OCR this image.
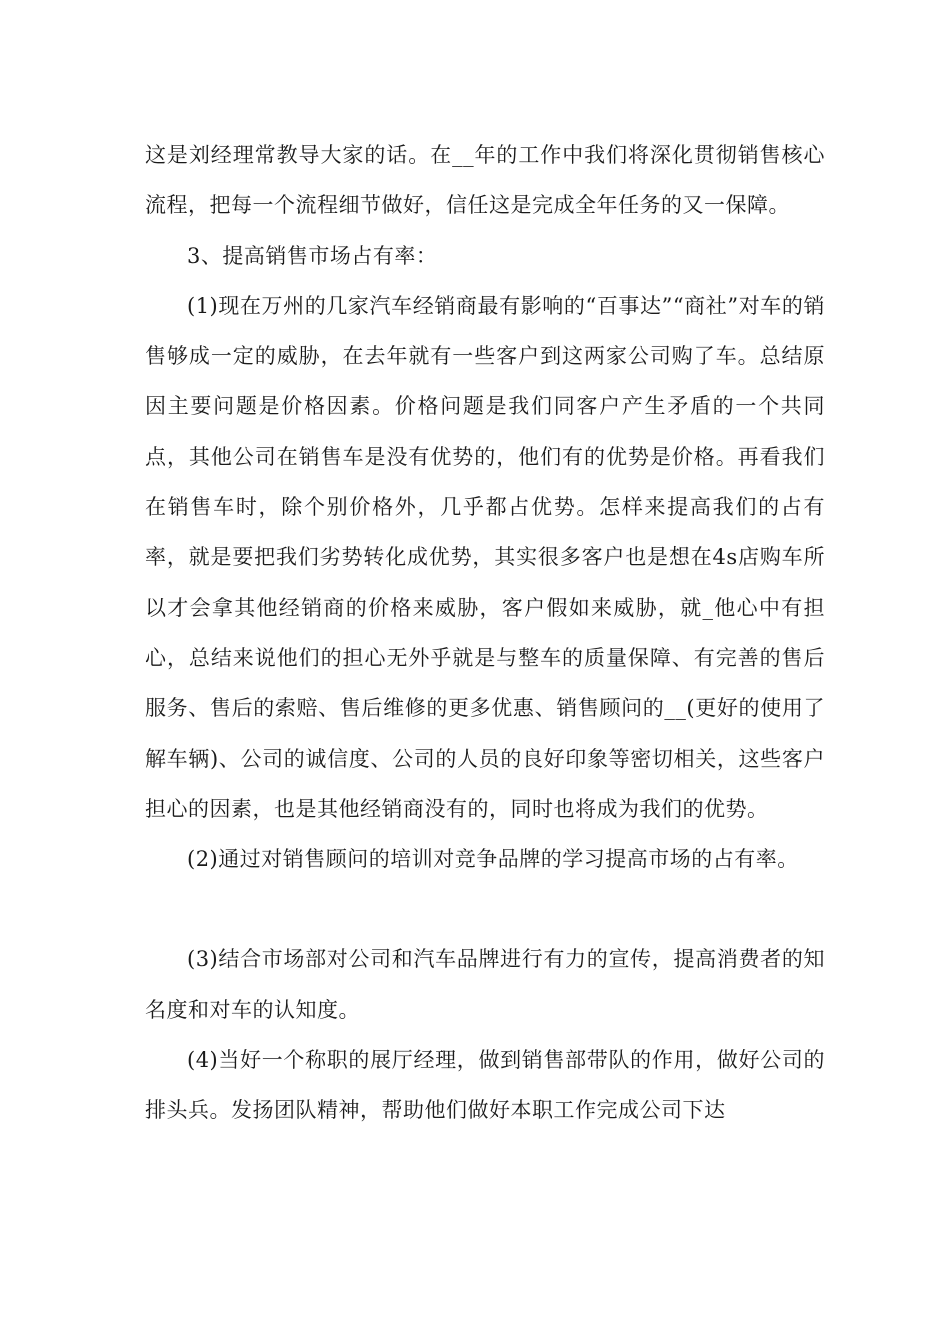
这是刘经理常教导大家的话。在__年的工作中我们将深化贯彻销售核心流程，把每一个流程细节做好，信任这是完成全年任务的又一保障。

3、提高销售市场占有率：

(1)现在万州的几家汽车经销商最有影响的“百事达”“商社”对车的销售够成一定的威胁，在去年就有一些客户到这两家公司购了车。总结原因主要问题是价格因素。价格问题是我们同客户产生矛盾的一个共同点，其他公司在销售车是没有优势的，他们有的优势是价格。再看我们在销售车时，除个别价格外，几乎都占优势。怎样来提高我们的占有率，就是要把我们劣势转化成优势，其实很多客户也是想在4s店购车所以才会拿其他经销商的价格来威胁，客户假如来威胁，就_他心中有担心，总结来说他们的担心无外乎就是与整车的质量保障、有完善的售后服务、售后的索赔、售后维修的更多优惠、销售顾问的__(更好的使用了解车辆)、公司的诚信度、公司的人员的良好印象等密切相关，这些客户担心的因素，也是其他经销商没有的，同时也将成为我们的优势。

(2)通过对销售顾问的培训对竞争品牌的学习提高市场的占有率。

(3)结合市场部对公司和汽车品牌进行有力的宣传，提高消费者的知名度和对车的认知度。

(4)当好一个称职的展厅经理，做到销售部带队的作用，做好公司的排头兵。发扬团队精神，帮助他们做好本职工作完成公司下达
